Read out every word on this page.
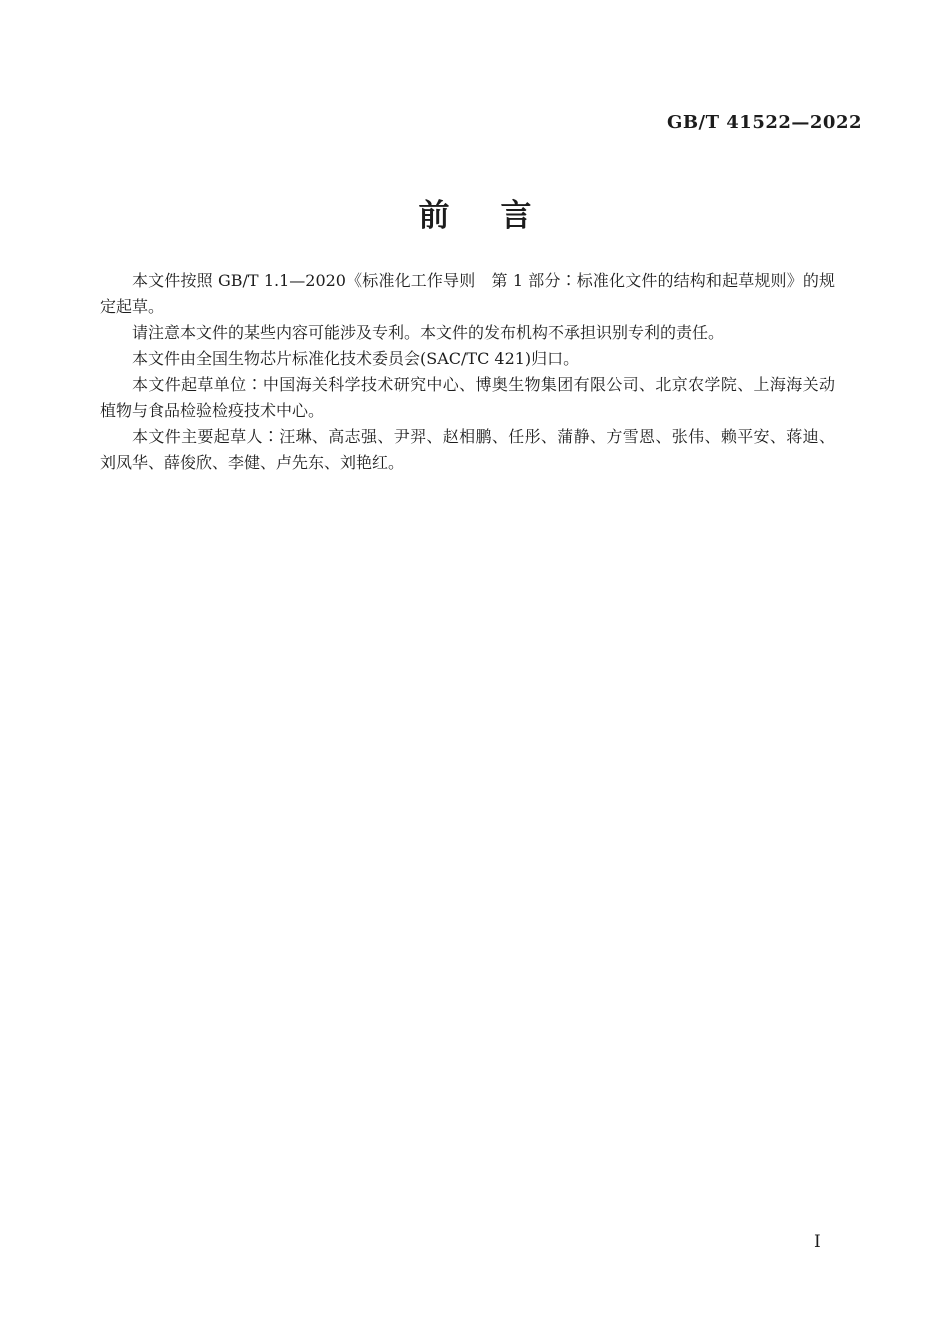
GB/T 41522—2022
前　言

本文件按照 GB/T 1.1—2020《标准化工作导则　第 1 部分∶标准化文件的结构和起草规则》的规定起草。

请注意本文件的某些内容可能涉及专利。本文件的发布机构不承担识别专利的责任。

本文件由全国生物芯片标准化技术委员会(SAC/TC 421)归口。

本文件起草单位∶中国海关科学技术研究中心、博奥生物集团有限公司、北京农学院、上海海关动植物与食品检验检疫技术中心。

本文件主要起草人∶汪琳、高志强、尹羿、赵相鹏、任彤、蒲静、方雪恩、张伟、赖平安、蒋迪、刘凤华、薛俊欣、李健、卢先东、刘艳红。

I
